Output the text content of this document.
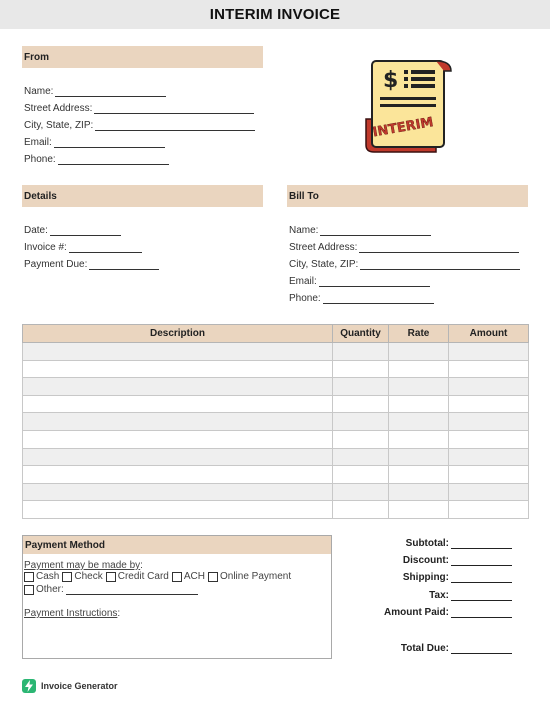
INTERIM INVOICE
From
Name:
Street Address:
City, State, ZIP:
Email:
Phone:
$
INTERIM
Details
Date:
Invoice #:
Payment Due:
Bill To
Name:
Street Address:
City, State, ZIP:
Email:
Phone:
Description	Quantity	Rate	Amount

Payment Method
Payment may be made by:
Cash Check Credit Card ACH Online Payment
Other:
Payment Instructions:
Subtotal:
Discount:
Shipping:
Tax:
Amount Paid:
Total Due:
Invoice Generator
